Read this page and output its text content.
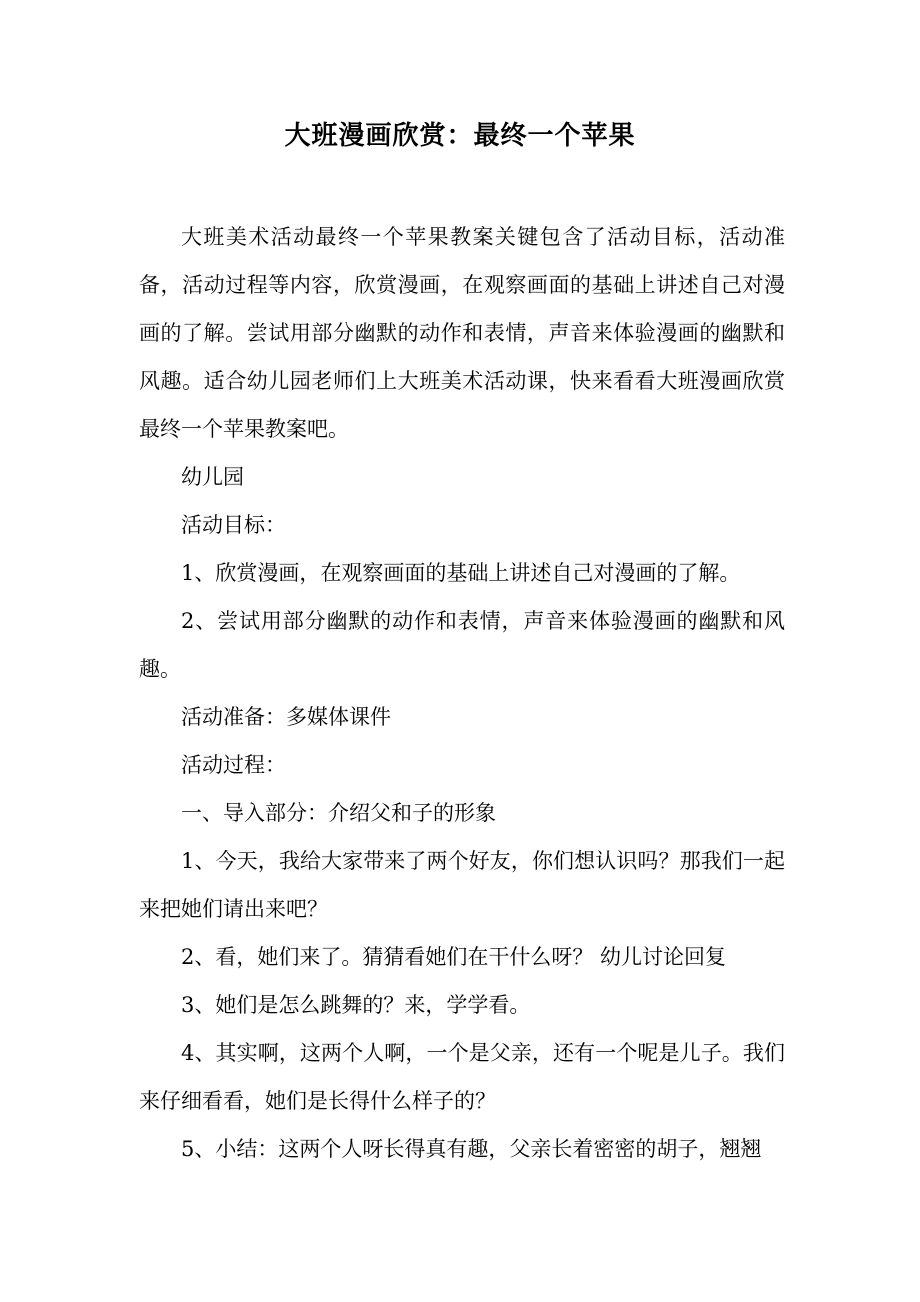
大班漫画欣赏：最终一个苹果

大班美术活动最终一个苹果教案关键包含了活动目标，活动准备，活动过程等内容，欣赏漫画，在观察画面的基础上讲述自己对漫画的了解。尝试用部分幽默的动作和表情，声音来体验漫画的幽默和风趣。适合幼儿园老师们上大班美术活动课，快来看看大班漫画欣赏最终一个苹果教案吧。

幼儿园

活动目标：

1、欣赏漫画，在观察画面的基础上讲述自己对漫画的了解。

2、尝试用部分幽默的动作和表情，声音来体验漫画的幽默和风趣。

活动准备：多媒体课件

活动过程：

一、导入部分：介绍父和子的形象

1、今天，我给大家带来了两个好友，你们想认识吗？那我们一起来把她们请出来吧？

2、看，她们来了。猜猜看她们在干什么呀？ 幼儿讨论回复

3、她们是怎么跳舞的？来，学学看。

4、其实啊，这两个人啊，一个是父亲，还有一个呢是儿子。我们来仔细看看，她们是长得什么样子的？

5、小结：这两个人呀长得真有趣，父亲长着密密的胡子，翘翘
